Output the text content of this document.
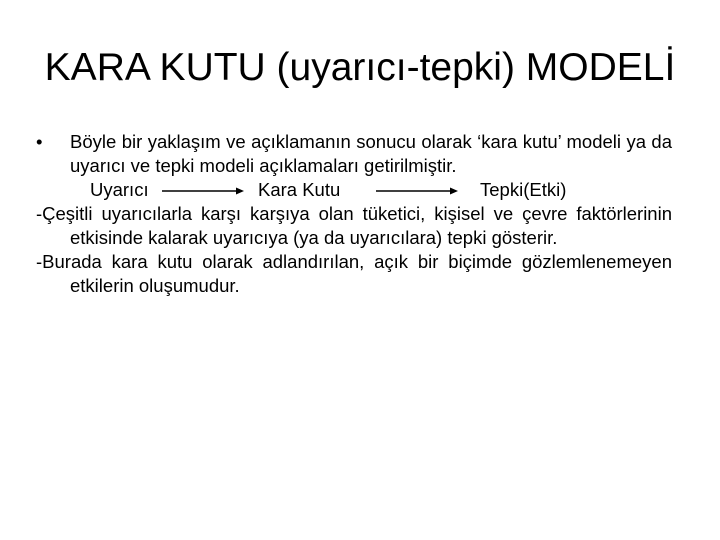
KARA KUTU (uyarıcı-tepki) MODELİ

• Böyle bir yaklaşım ve açıklamanın sonucu olarak ‘kara kutu’ modeli ya da uyarıcı ve tepki modeli açıklamaları getirilmiştir.

Uyarıcı	Kara Kutu	Tepki(Etki)

-Çeşitli uyarıcılarla karşı karşıya olan tüketici, kişisel ve çevre faktörlerinin etkisinde kalarak uyarıcıya (ya da uyarıcılara) tepki gösterir.

-Burada kara kutu olarak adlandırılan, açık bir biçimde gözlemlenemeyen etkilerin oluşumudur.
